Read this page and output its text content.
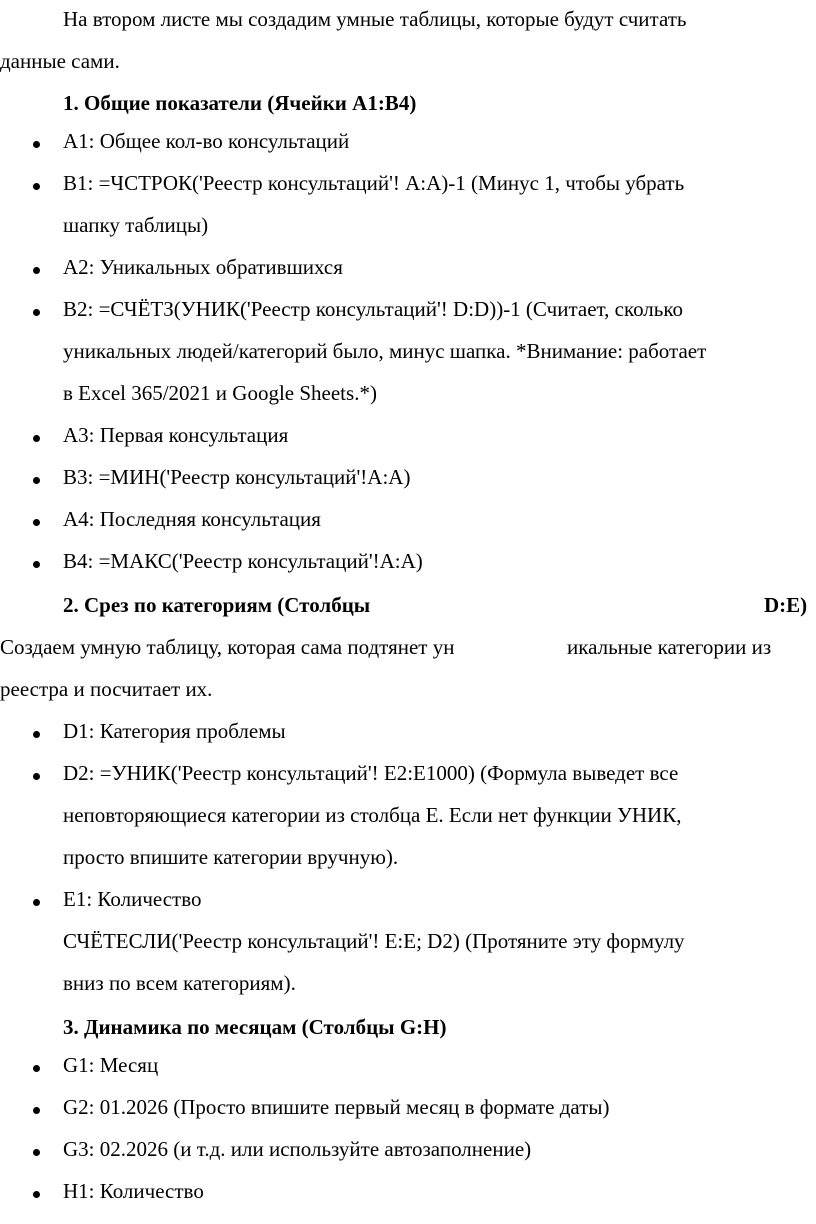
На втором листе мы создадим умные таблицы, которые будут считать
данные сами.
1. Общие показатели (Ячейки A1:B4)
A1: Общее кол-во консультаций
B1: =ЧСТРОК('Реестр консультаций'! A:A)-1 (Минус 1, чтобы убрать
шапку таблицы)
A2: Уникальных обратившихся
B2: =СЧЁТЗ(УНИК('Реестр консультаций'! D:D))-1 (Считает, сколько
уникальных людей/категорий было, минус шапка. *Внимание: работает
в Excel 365/2021 и Google Sheets.*)
A3: Первая консультация
B3: =МИН('Реестр консультаций'!A:A)
A4: Последняя консультация
B4: =МАКС('Реестр консультаций'!A:A)
2. Срез по категориям (Столбцы	D:E)
Создаем умную таблицу, которая сама подтянет ун	икальные категории из
реестра и посчитает их.
D1: Категория проблемы
D2: =УНИК('Реестр консультаций'! E2:E1000) (Формула выведет все
неповторяющиеся категории из столбца E. Если нет функции УНИК,
просто впишите категории вручную).
E1: Количество
СЧЁТЕСЛИ('Реестр консультаций'! E:E; D2) (Протяните эту формулу
вниз по всем категориям).
3. Динамика по месяцам (Столбцы G:H)
G1: Месяц
G2: 01.2026 (Просто впишите первый месяц в формате даты)
G3: 02.2026 (и т.д. или используйте автозаполнение)
H1: Количество
